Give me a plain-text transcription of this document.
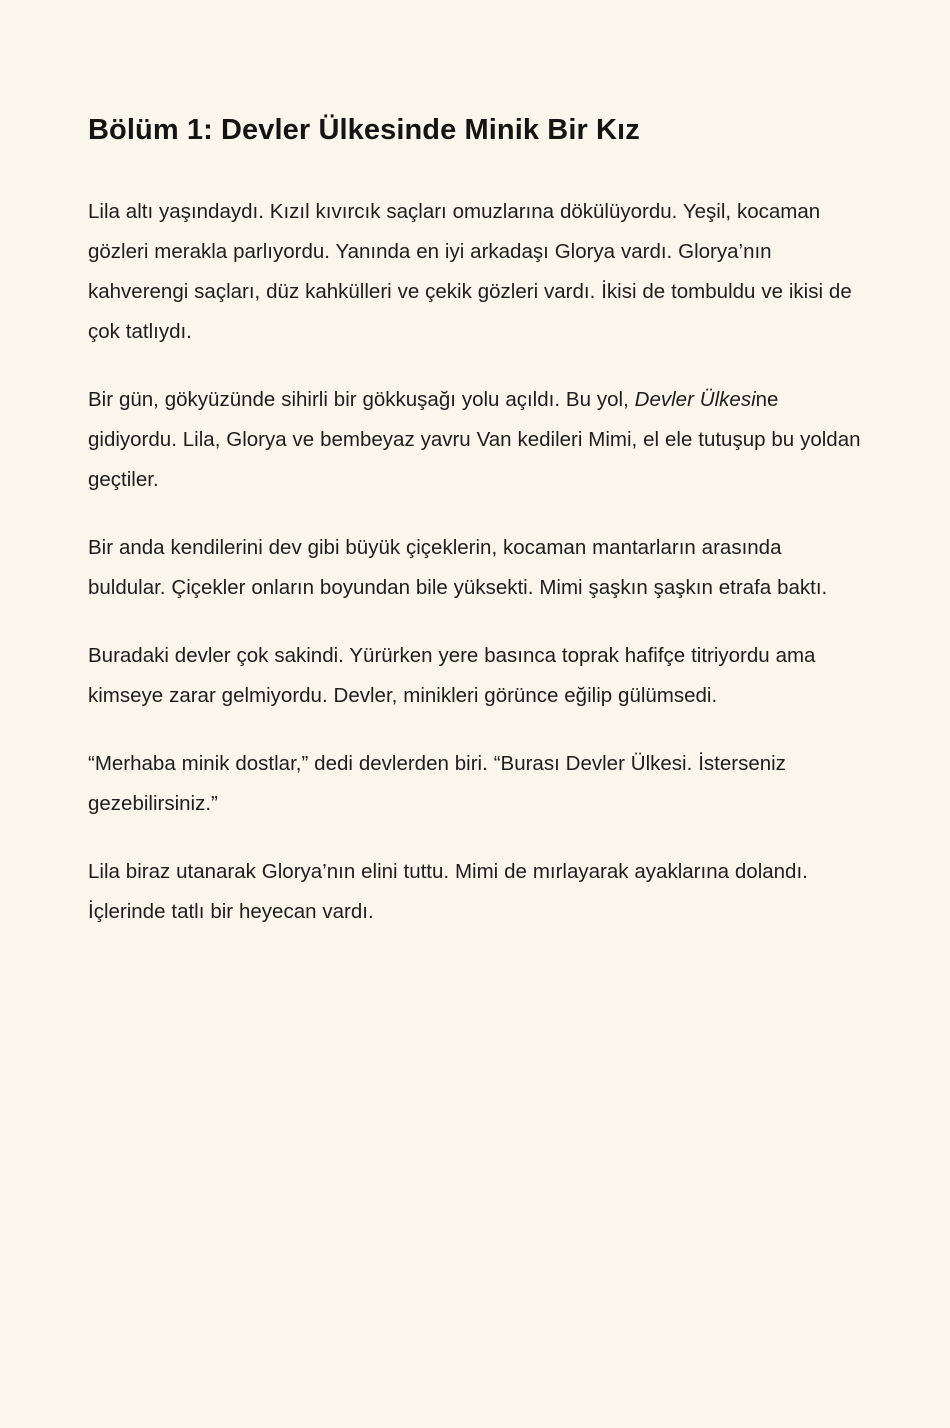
Bölüm 1: Devler Ülkesinde Minik Bir Kız

Lila altı yaşındaydı. Kızıl kıvırcık saçları omuzlarına dökülüyordu. Yeşil, kocaman gözleri merakla parlıyordu. Yanında en iyi arkadaşı Glorya vardı. Glorya’nın kahverengi saçları, düz kahkülleri ve çekik gözleri vardı. İkisi de tombuldu ve ikisi de çok tatlıydı.

Bir gün, gökyüzünde sihirli bir gökkuşağı yolu açıldı. Bu yol, Devler Ülkesine gidiyordu. Lila, Glorya ve bembeyaz yavru Van kedileri Mimi, el ele tutuşup bu yoldan geçtiler.

Bir anda kendilerini dev gibi büyük çiçeklerin, kocaman mantarların arasında buldular. Çiçekler onların boyundan bile yüksekti. Mimi şaşkın şaşkın etrafa baktı.

Buradaki devler çok sakindi. Yürürken yere basınca toprak hafifçe titriyordu ama kimseye zarar gelmiyordu. Devler, minikleri görünce eğilip gülümsedi.

“Merhaba minik dostlar,” dedi devlerden biri. “Burası Devler Ülkesi. İsterseniz gezebilirsiniz.”

Lila biraz utanarak Glorya’nın elini tuttu. Mimi de mırlayarak ayaklarına dolandı. İçlerinde tatlı bir heyecan vardı.
